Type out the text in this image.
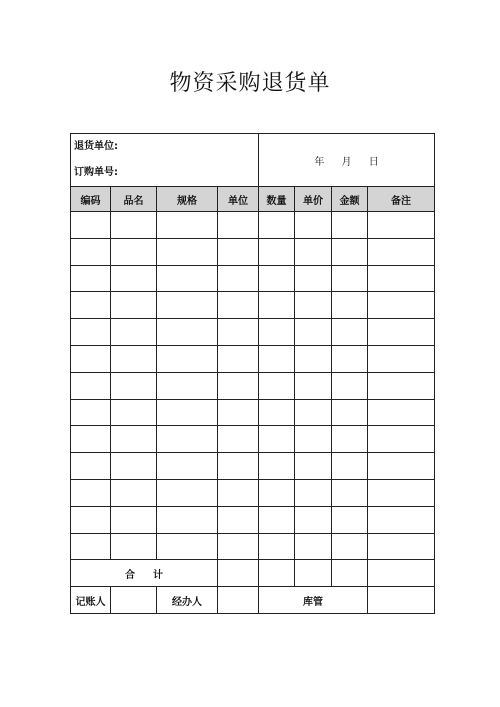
物资采购退货单
退货单位:
订购单号:				年 月 日			
编码	品名	规格	单位	数量	单价	金额	备注

合计							
记账人		经办人		库管			
